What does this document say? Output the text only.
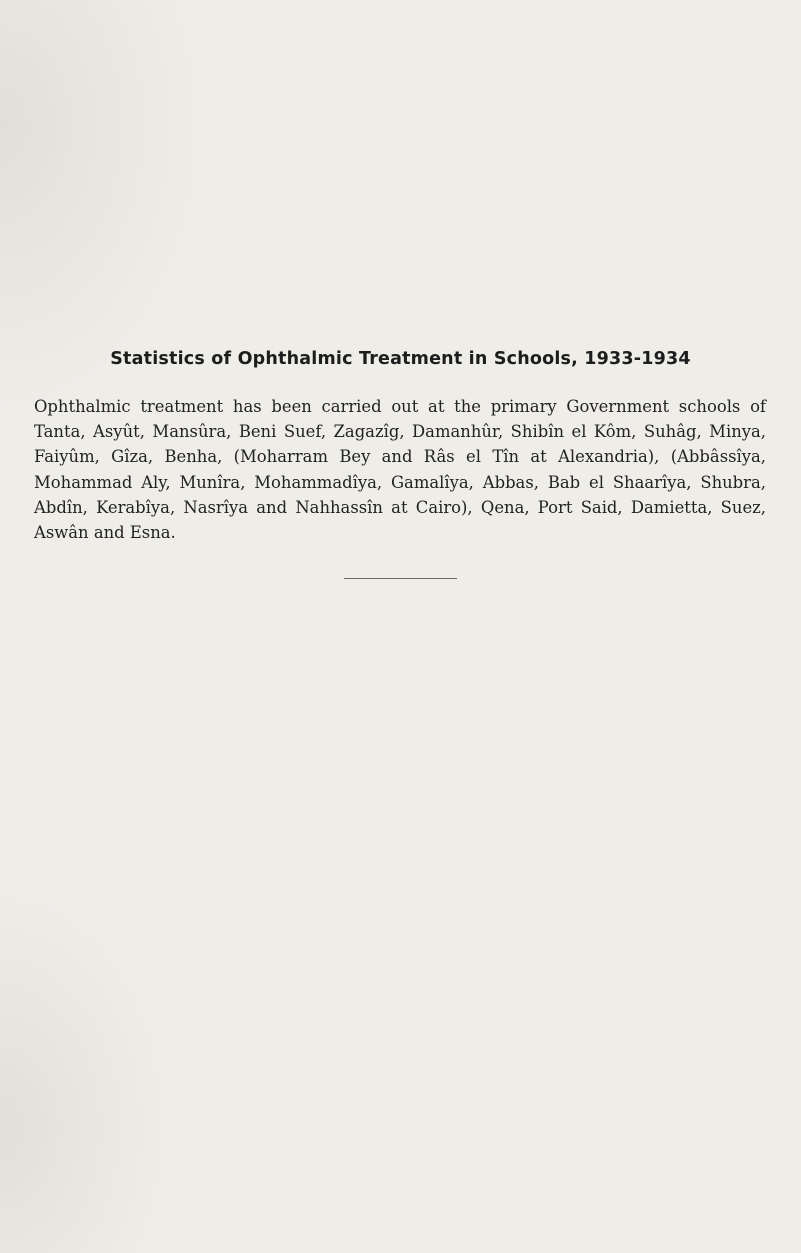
Statistics of Ophthalmic Treatment in Schools, 1933-1934

Ophthalmic treatment has been carried out at the primary Government schools of Tanta, Asyût, Mansûra, Beni Suef, Zagazîg, Damanhûr, Shibîn el Kôm, Suhâg, Minya, Faiyûm, Gîza, Benha, (Moharram Bey and Râs el Tîn at Alexandria), (Abbâssîya, Mohammad Aly, Munîra, Mohammadîya, Gamalîya, Abbas, Bab el Shaarîya, Shubra, Abdîn, Kerabîya, Nasrîya and Nahhassîn at Cairo), Qena, Port Said, Damietta, Suez, Aswân and Esna.
